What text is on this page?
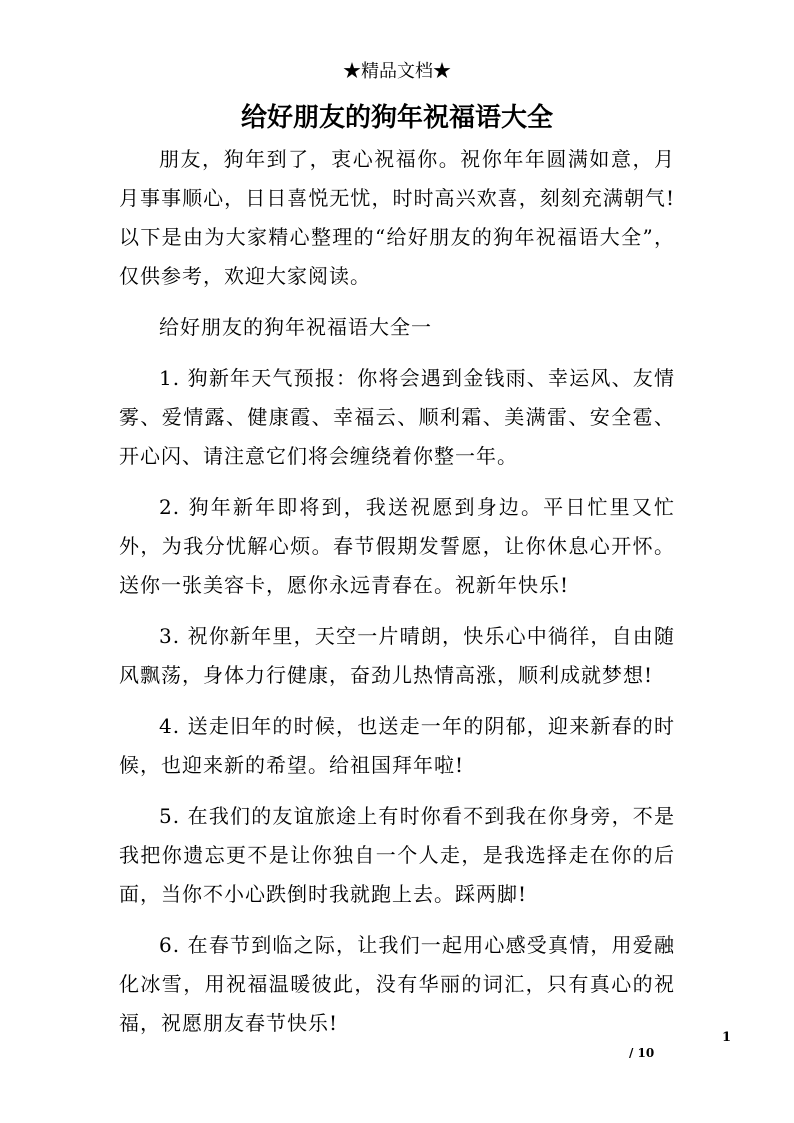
★精品文档★
给好朋友的狗年祝福语大全

朋友，狗年到了，衷心祝福你。祝你年年圆满如意，月月事事顺心，日日喜悦无忧，时时高兴欢喜，刻刻充满朝气!以下是由为大家精心整理的“给好朋友的狗年祝福语大全”，仅供参考，欢迎大家阅读。

给好朋友的狗年祝福语大全一

1. 狗新年天气预报：你将会遇到金钱雨、幸运风、友情雾、爱情露、健康霞、幸福云、顺利霜、美满雷、安全雹、开心闪、请注意它们将会缠绕着你整一年。

2. 狗年新年即将到，我送祝愿到身边。平日忙里又忙外，为我分忧解心烦。春节假期发誓愿，让你休息心开怀。送你一张美容卡，愿你永远青春在。祝新年快乐!

3. 祝你新年里，天空一片晴朗，快乐心中徜徉，自由随风飘荡，身体力行健康，奋劲儿热情高涨，顺利成就梦想!

4. 送走旧年的时候，也送走一年的阴郁，迎来新春的时候，也迎来新的希望。给祖国拜年啦!

5. 在我们的友谊旅途上有时你看不到我在你身旁，不是我把你遗忘更不是让你独自一个人走，是我选择走在你的后面，当你不小心跌倒时我就跑上去。踩两脚!

6. 在春节到临之际，让我们一起用心感受真情，用爱融化冰雪，用祝福温暖彼此，没有华丽的词汇，只有真心的祝福，祝愿朋友春节快乐!

1
/ 10
